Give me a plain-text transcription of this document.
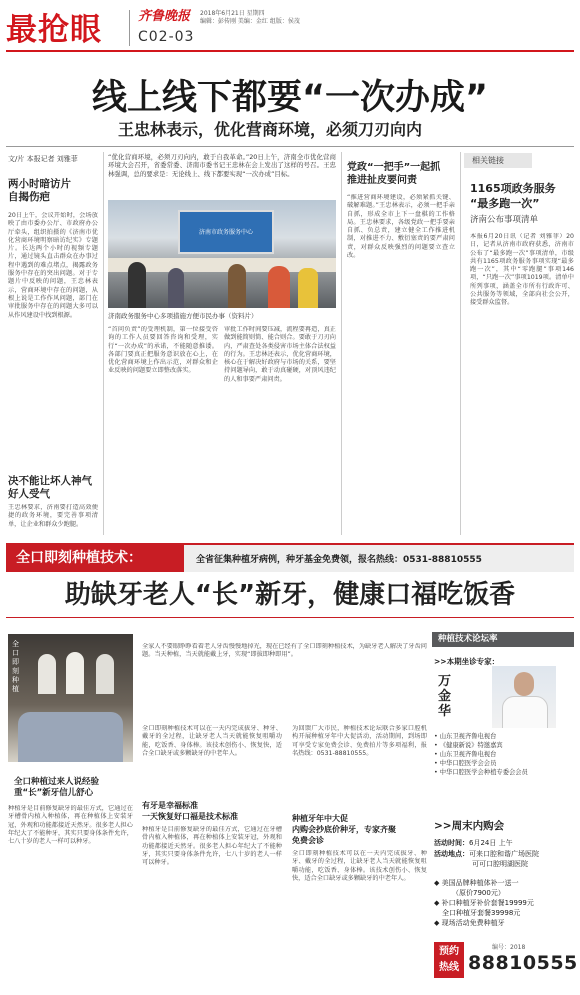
最抢眼	齐鲁晚报 2018年6月21日 星期四
编辑：彭传刚 美编：金红 组版：侯茂
C02-03
线上线下都要“一次办成”
王忠林表示，优化营商环境，必须刀刃向内
文/片 本报记者 刘雅菲
两小时暗访片
自揭伤疤
20日上午，会议开始时，会场放映了由市委办公厅、市政府办公厅牵头，组织拍摄的《济南市优化营商环境明察暗访纪实》专题片。长达两个小时的视频专题片，通过镜头直击群众在办事过程中遇到的难点堵点，揭露政务服务中存在的突出问题。对于专题片中反映的问题，王忠林表示，营商环境中存在的问题，从根上说是工作作风问题，部门在审批服务中存在的问题大多可以从作风建设中找到根源。
决不能让坏人神气
好人受气
王忠林要求，济南要打造高效便捷的政务环境，要完善事项清单，让企业和群众少跑腿。
“优化营商环境，必须刀刃向内，敢于自我革命。”20日上午，济南全市优化营商环境大会召开，省委常委、济南市委书记王忠林在会上发出了这样的号召。王忠林强调，总的要求是：无论线上、线下都要实现“一次办成”目标。
济南市政务服务中心
济南政务服务中心多项措施方便市民办事（资料片）
“首问负责”的受理机制，第一位接受咨询的工作人员要回答咨询和受理，实行“一次办成”的承诺，不能随意推诿。各部门要真正把服务意识放在心上，在优化营商环境上作出示范，对群众和企业反映的问题要立即整改落实。
审批工作时间要压减，流程要再造，真正做到能简则简、能合则合。要敢于刀刃向内，严肃查处各类侵害市场主体合法权益的行为。王忠林还表示，优化营商环境，核心在于解决好政府与市场的关系，要坚持问题导向，敢于动真碰硬，对顶风违纪的人和事要严肃问责。
党政“一把手”一起抓
推进扯皮要问责
“推进营商环境建设，必须紧抓关键、破解难题。”王忠林表示，必须一把手亲自抓，形成全市上下一盘棋的工作格局。王忠林要求，各级党政一把手要亲自抓、负总责，建立健全工作推进机制，对推进不力、敷衍塞责的要严肃问责，对群众反映强烈的问题要立查立改。
相关链接
1165项政务服务
“最多跑一次”
济南公布事项清单
本报6月20日讯（记者 刘雅菲）20日，记者从济南市政府获悉，济南市公布了“最多跑一次”事项清单，市级共有1165项政务服务事项实现“最多跑一次”，其中“零跑腿”事项146项，“只跑一次”事项1019项。清单中所列事项，涵盖全市所有行政许可、公共服务等领域，全部向社会公开，接受群众监督。
全口即刻种植技术：	全省征集种植牙病例，种牙基金免费领，报名热线：0531-88810555
助缺牙老人“长”新牙，健康口福吃饭香
全口即刻种植
全口种植过来人说经验
重“长”新牙信儿舒心
种植牙是目前修复缺牙的最佳方式，它通过在牙槽骨内植入种植体，再在种植体上安装牙冠，外观和功能都接近天然牙。很多老人担心年纪大了不能种牙，其实只要身体条件允许，七八十岁的老人一样可以种牙。
全家人不要眼睁睁看着老人牙齿慢慢地掉光，现在已经有了全口即刻种植技术，为缺牙老人解决了牙齿问题。当天种植，当天就能戴上牙，实现“即拔即种即用”。
有牙是幸福标准
一天恢复好口福是技术标准
全口即刻种植技术可以在一天内完成拔牙、种牙、戴牙的全过程，让缺牙老人当天就能恢复咀嚼功能，吃饭香、身体棒。该技术创伤小、恢复快，适合全口缺牙或多颗缺牙的中老年人。
种植牙是目前修复缺牙的最佳方式，它通过在牙槽骨内植入种植体，再在种植体上安装牙冠，外观和功能都接近天然牙。很多老人担心年纪大了不能种牙，其实只要身体条件允许，七八十岁的老人一样可以种牙。
种植牙年中大促
内购会抄底价种牙，专家齐聚
免费会诊
为回馈广大市民，种植技术论坛联合多家口腔机构开展种植牙年中大促活动，活动期间，到场即可享受专家免费会诊、免费拍片等多项福利，报名热线：0531-88810555。
全口即刻种植技术可以在一天内完成拔牙、种牙、戴牙的全过程，让缺牙老人当天就能恢复咀嚼功能，吃饭香、身体棒。该技术创伤小、恢复快，适合全口缺牙或多颗缺牙的中老年人。
种植技术论坛率
>>本期坐诊专家：
万金华
• 山东卫视齐鲁电视台
• 《健康新说》特邀嘉宾
• 山东卫视齐鲁电视台
• 中华口腔医学会会员
• 中华口腔医学会种植专委会会员
>>周末内购会
活动时间：6月24日 上午
活动地点：可来口腔和谐广场医院
可可口腔明湖医院
◆ 美国品牌种植体补一送一
（原价7900元）
◆ 补口种植牙补价套餐19999元
全口种植牙套餐39998元
◆ 现场活动免费种植牙
预约
热线
编号：2018
88810555
